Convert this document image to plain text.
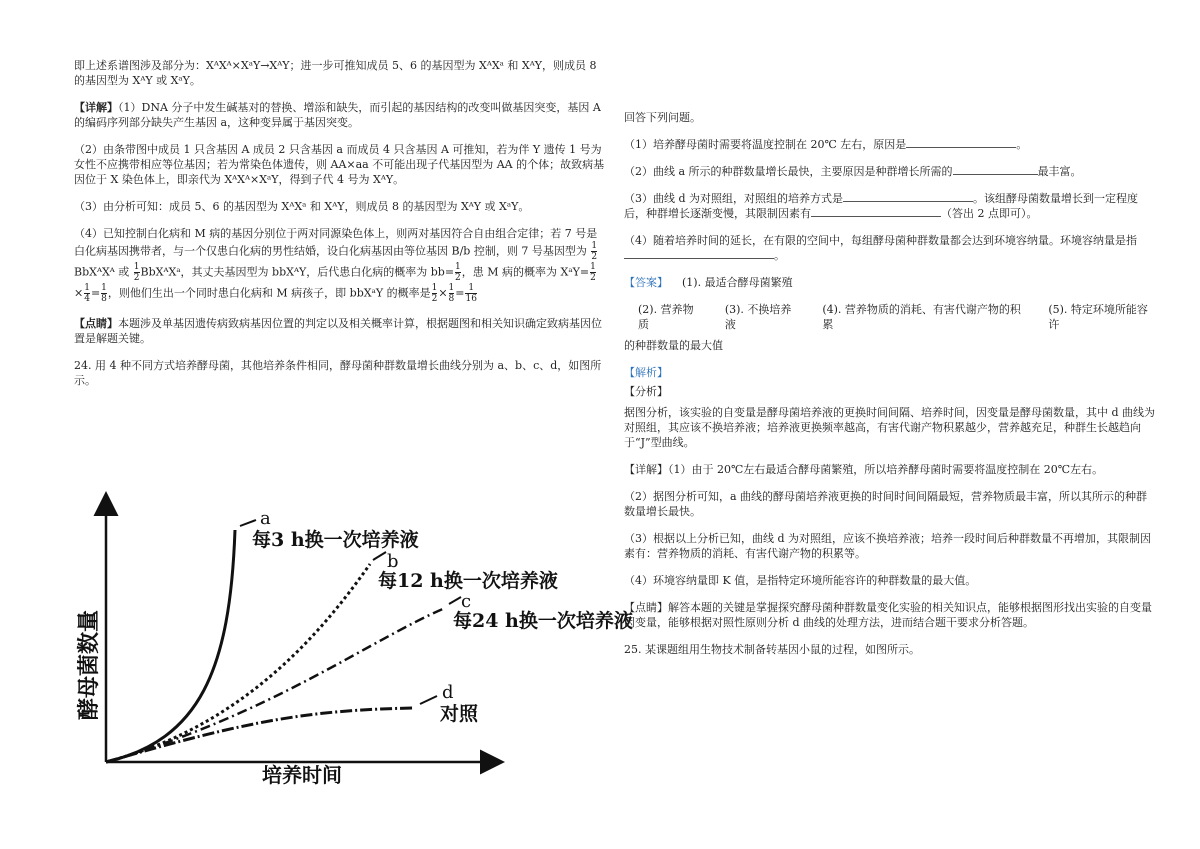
即上述系谱图涉及部分为：XᴬXᴬ×XᵃY→XᴬY；进一步可推知成员 5、6 的基因型为 XᴬXᵃ 和 XᴬY，则成员 8 的基因型为 XᴬY 或 XᵃY。

【详解】（1）DNA 分子中发生碱基对的替换、增添和缺失，而引起的基因结构的改变叫做基因突变，基因 A 的编码序列部分缺失产生基因 a，这种变异属于基因突变。

（2）由条带图中成员 1 只含基因 A 成员 2 只含基因 a 而成员 4 只含基因 A 可推知，若为伴 Y 遗传 1 号为女性不应携带相应等位基因；若为常染色体遗传，则 AA×aa 不可能出现子代基因型为 AA 的个体；故致病基因位于 X 染色体上，即亲代为 XᴬXᴬ×XᵃY，得到子代 4 号为 XᴬY。

（3）由分析可知：成员 5、6 的基因型为 XᴬXᵃ 和 XᴬY，则成员 8 的基因型为 XᴬY 或 XᵃY。

（4）已知控制白化病和 M 病的基因分别位于两对同源染色体上，则两对基因符合自由组合定律；若 7 号是白化病基因携带者，与一个仅患白化病的男性结婚，设白化病基因由等位基因 B/b 控制，则 7 号基因型为 $\frac{1}{2}$
BbXᴬXᴬ 或 $\frac{1}{2}$ BbXᴬXᵃ，其丈夫基因型为 bbXᴬY，后代患白化病的概率为 $bb= \frac{1}{2}$ ，患 M 病的概率为 XᵃY= $\frac{1}{2}$
× $\frac{1}{4} = \frac{1}{8}$ ，则他们生出一个同时患白化病和 M 病孩子，即 bbXᵃY 的概率是 $\frac{1}{2} \times \frac{1}{8} = \frac{1}{16}$

【点睛】本题涉及单基因遗传病致病基因位置的判定以及相关概率计算，根据题图和相关知识确定致病基因位置是解题关键。

24. 用 4 种不同方式培养酵母菌，其他培养条件相同，酵母菌种群数量增长曲线分别为 a、b、c、d，如图所示。

酵母菌数量
培养时间
a
每3 h换一次培养液
b
每12 h换一次培养液
c
每24 h换一次培养液
d
对照

回答下列问题。

（1）培养酵母菌时需要将温度控制在 20℃ 左右，原因是	。

（2）曲线 a 所示的种群数量增长最快，主要原因是种群增长所需的	最丰富。

（3）曲线 d 为对照组，对照组的培养方式是	。该组酵母菌数量增长到一定程度后，种群增长逐渐变慢，其限制因素有	（答出 2 点即可）。

（4）随着培养时间的延长，在有限的空间中，每组酵母菌种群数量都会达到环境容纳量。环境容纳量是指
。

【答案】 (1). 最适合酵母菌繁殖

(2). 营养物质
(3). 不换培养液
(4). 营养物质的消耗、有害代谢产物的积累
(5). 特定环境所能容许

的种群数量的最大值

【解析】

【分析】

据图分析，该实验的自变量是酵母菌培养液的更换时间间隔、培养时间，因变量是酵母菌数量，其中 d 曲线为对照组，其应该不换培养液；培养液更换频率越高，有害代谢产物积累越少，营养越充足，种群生长越趋向于“J”型曲线。

【详解】（1）由于 20℃左右最适合酵母菌繁殖，所以培养酵母菌时需要将温度控制在 20℃左右。

（2）据图分析可知，a 曲线的酵母菌培养液更换的时间时间间隔最短，营养物质最丰富，所以其所示的种群数量增长最快。

（3）根据以上分析已知，曲线 d 为对照组，应该不换培养液；培养一段时间后种群数量不再增加，其限制因素有：营养物质的消耗、有害代谢产物的积累等。

（4）环境容纳量即 K 值，是指特定环境所能容许的种群数量的最大值。

【点睛】解答本题的关键是掌握探究酵母菌种群数量变化实验的相关知识点，能够根据图形找出实验的自变量因变量，能够根据对照性原则分析 d 曲线的处理方法，进而结合题干要求分析答题。

25. 某课题组用生物技术制备转基因小鼠的过程，如图所示。
